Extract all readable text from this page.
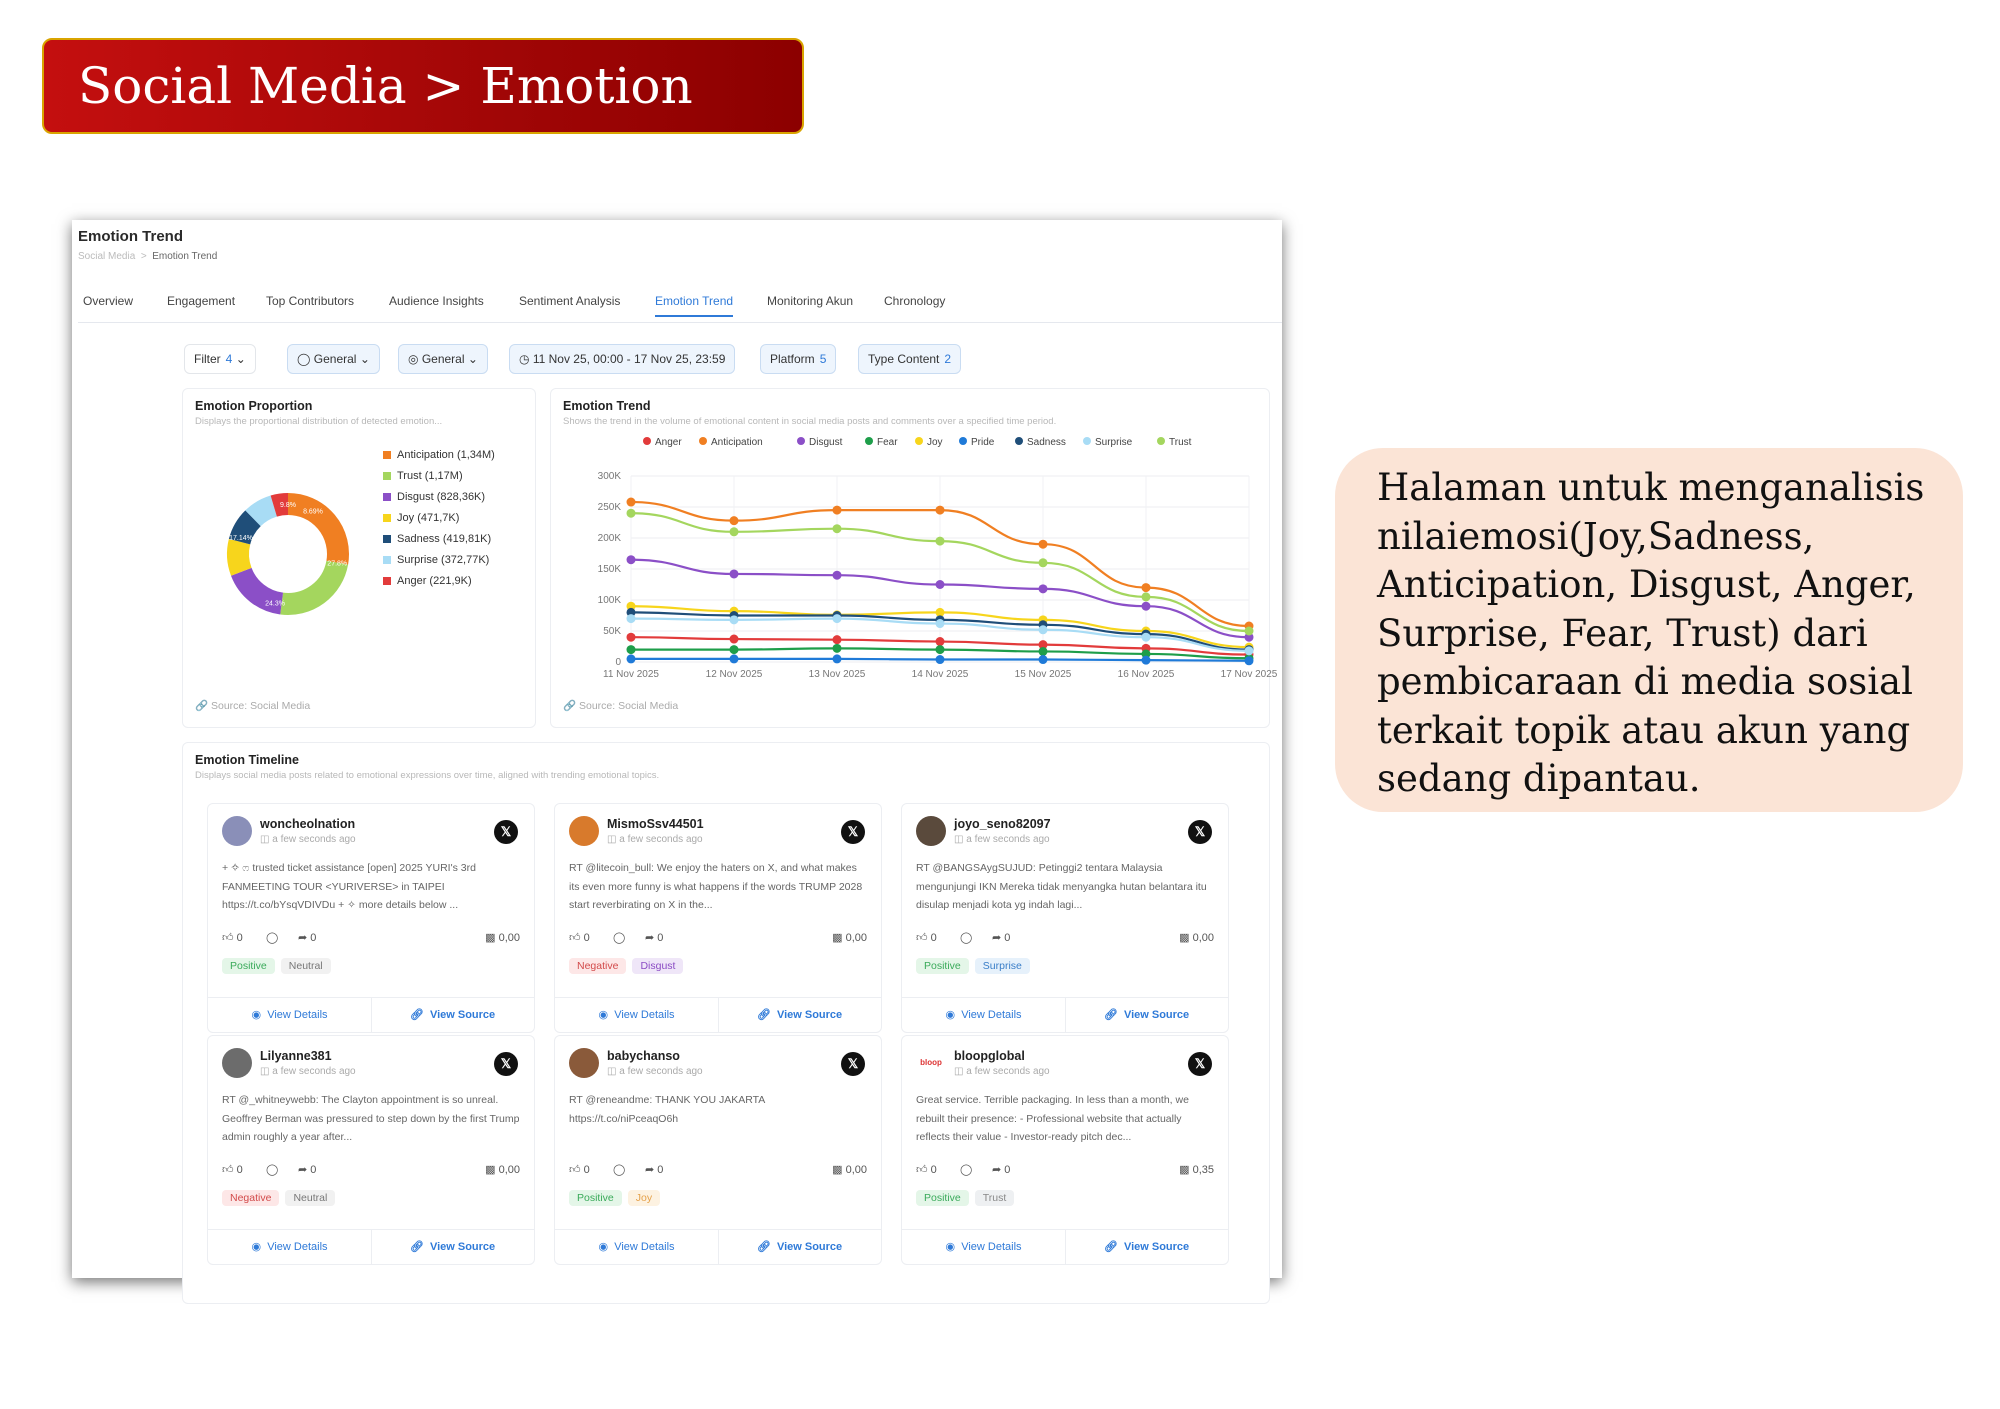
Social Media > Emotion Trend
Emotion Trend
Social Media > Emotion Trend
Overview	Engagement	Top Contributors	Audience Insights	Sentiment Analysis	Emotion Trend	Monitoring Akun	Chronology
Filter 4 ⌄	◯ General ⌄	◎ General ⌄	◷ 11 Nov 25, 00:00 - 17 Nov 25, 23:59	Platform 5	Type Content 2
Emotion Proportion
Displays the proportional distribution of detected emotion...
27.8%
24.3%
17.14%
9.8%
8.69%
Anticipation
(1,34M)
Trust
(1,17M)
Disgust
(828,36K)
Joy
(471,7K)
Sadness
(419,81K)
Surprise
(372,77K)
Anger
(221,9K)
🔗 Source: Social Media
Emotion Trend
Shows the trend in the volume of emotional content in social media posts and comments over a specified time period.
Anger	Anticipation	Disgust	Fear	Joy	Pride	Sadness	Surprise	Trust
300K
250K
200K
150K
100K
50K
0
11 Nov 2025	12 Nov 2025	13 Nov 2025	14 Nov 2025	15 Nov 2025	16 Nov 2025	17 Nov 2025
🔗 Source: Social Media
Emotion Timeline
Displays social media posts related to emotional expressions over time, aligned with trending emotional topics.
woncheolnation
◫ a few seconds ago
𝕏
+ ✧ ෆ trusted ticket assistance [open] 2025 YURI's 3rd FANMEETING TOUR <YURIVERSE> in TAIPEI https://t.co/bYsqVDIVDu + ✧ more details below ...
👍︎ 0 ◯ ➦ 0	▩ 0,00
Positive Neutral
◉ View Details	🔗︎ View Source
MismoSsv44501
◫ a few seconds ago
𝕏
RT @litecoin_bull: We enjoy the haters on X, and what makes its even more funny is what happens if the words TRUMP 2028 start reverbirating on X in the...
👍︎ 0 ◯ ➦ 0	▩ 0,00
Negative Disgust
◉ View Details	🔗︎ View Source
joyo_seno82097
◫ a few seconds ago
𝕏
RT @BANGSAygSUJUD: Petinggi2 tentara Malaysia mengunjungi IKN Mereka tidak menyangka hutan belantara itu disulap menjadi kota yg indah lagi...
👍︎ 0 ◯ ➦ 0	▩ 0,00
Positive Surprise
◉ View Details	🔗︎ View Source
Lilyanne381
◫ a few seconds ago
𝕏
RT @_whitneywebb: The Clayton appointment is so unreal. Geoffrey Berman was pressured to step down by the first Trump admin roughly a year after...
👍︎ 0 ◯ ➦ 0	▩ 0,00
Negative Neutral
◉ View Details	🔗︎ View Source
babychanso
◫ a few seconds ago
𝕏
RT @reneandme: THANK YOU JAKARTA https://t.co/niPceaqO6h
👍︎ 0 ◯ ➦ 0	▩ 0,00
Positive Joy
◉ View Details	🔗︎ View Source
bloop bloopglobal
◫ a few seconds ago
𝕏
Great service. Terrible packaging. In less than a month, we rebuilt their presence: - Professional website that actually reflects their value - Investor-ready pitch dec...
👍︎ 0 ◯ ➦ 0	▩ 0,35
Positive Trust
◉ View Details	🔗︎ View Source
Halaman untuk menganalisis nilaiemosi(Joy,Sadness, Anticipation, Disgust, Anger, Surprise, Fear, Trust) dari pembicaraan di media sosial terkait topik atau akun yang sedang dipantau.
